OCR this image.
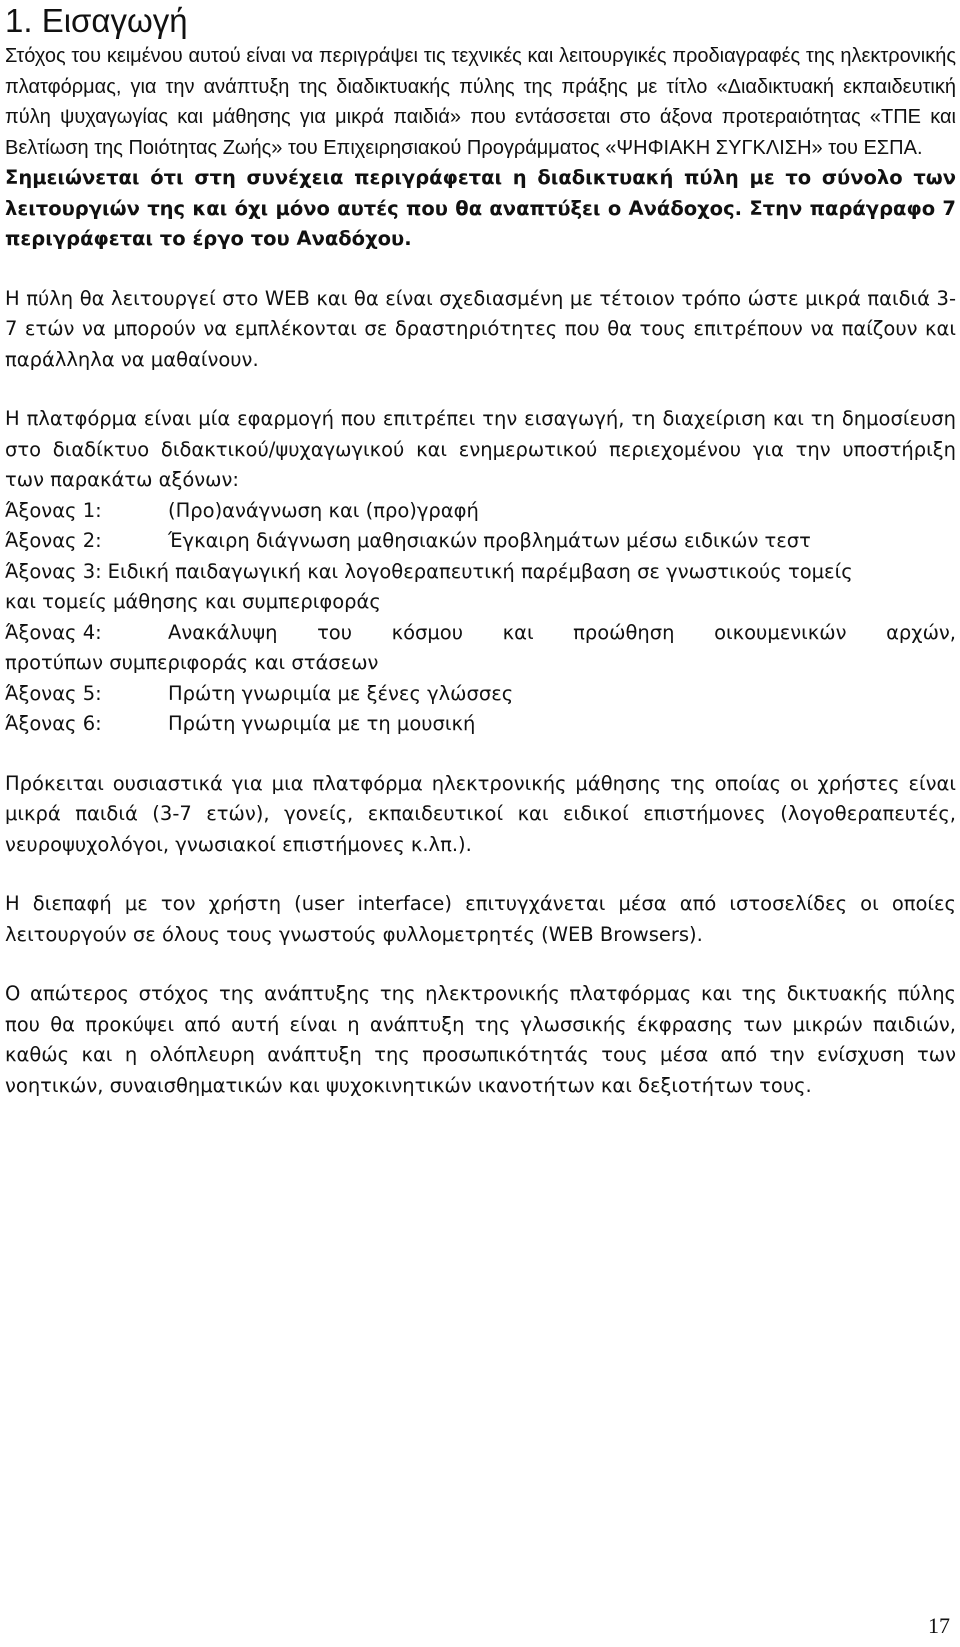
1. Εισαγωγή

Στόχος του κειμένου αυτού είναι να περιγράψει τις τεχνικές και λειτουργικές προδιαγραφές της ηλεκτρονικής πλατφόρμας, για την ανάπτυξη της διαδικτυακής πύλης της πράξης με τίτλο «Διαδικτυακή εκπαιδευτική πύλη ψυχαγωγίας και μάθησης για μικρά παιδιά» που εντάσσεται στο άξονα προτεραιότητας «ΤΠΕ και Βελτίωση της Ποιότητας Ζωής» του Επιχειρησιακού Προγράμματος «ΨΗΦΙΑΚΗ ΣΥΓΚΛΙΣΗ» του ΕΣΠΑ.

Σημειώνεται ότι στη συνέχεια περιγράφεται η διαδικτυακή πύλη με το σύνολο των λειτουργιών της και όχι μόνο αυτές που θα αναπτύξει ο Ανάδοχος. Στην παράγραφο 7 περιγράφεται το έργο του Αναδόχου.

Η πύλη θα λειτουργεί στο WEB και θα είναι σχεδιασμένη με τέτοιον τρόπο ώστε μικρά παιδιά 3-7 ετών να μπορούν να εμπλέκονται σε δραστηριότητες που θα τους επιτρέπουν να παίζουν και παράλληλα να μαθαίνουν.

Η πλατφόρμα είναι μία εφαρμογή που επιτρέπει την εισαγωγή, τη διαχείριση και τη δημοσίευση στο διαδίκτυο διδακτικού/ψυχαγωγικού και ενημερωτικού περιεχομένου για την υποστήριξη των παρακάτω αξόνων:

Άξονας 1:	(Προ)ανάγνωση και (προ)γραφή
Άξονας 2:	Έγκαιρη διάγνωση μαθησιακών προβλημάτων μέσω ειδικών τεστ
Άξονας 3: Ειδική παιδαγωγική και λογοθεραπευτική παρέμβαση σε γνωστικούς τομείς
και τομείς μάθησης και συμπεριφοράς
Άξονας 4:	Ανακάλυψη του κόσμου και προώθηση οικουμενικών αρχών,
προτύπων συμπεριφοράς και στάσεων
Άξονας 5:	Πρώτη γνωριμία με ξένες γλώσσες
Άξονας 6:	Πρώτη γνωριμία με τη μουσική

Πρόκειται ουσιαστικά για μια πλατφόρμα ηλεκτρονικής μάθησης της οποίας οι χρήστες είναι μικρά παιδιά (3-7 ετών), γονείς, εκπαιδευτικοί και ειδικοί επιστήμονες (λογοθεραπευτές, νευροψυχολόγοι, γνωσιακοί επιστήμονες κ.λπ.).

Η διεπαφή με τον χρήστη (user interface) επιτυγχάνεται μέσα από ιστοσελίδες οι οποίες λειτουργούν σε όλους τους γνωστούς φυλλομετρητές (WEB Browsers).

Ο απώτερος στόχος της ανάπτυξης της ηλεκτρονικής πλατφόρμας και της δικτυακής πύλης που θα προκύψει από αυτή είναι η ανάπτυξη της γλωσσικής έκφρασης των μικρών παιδιών, καθώς και η ολόπλευρη ανάπτυξη της προσωπικότητάς τους μέσα από την ενίσχυση των νοητικών, συναισθηματικών και ψυχοκινητικών ικανοτήτων και δεξιοτήτων τους.

17
